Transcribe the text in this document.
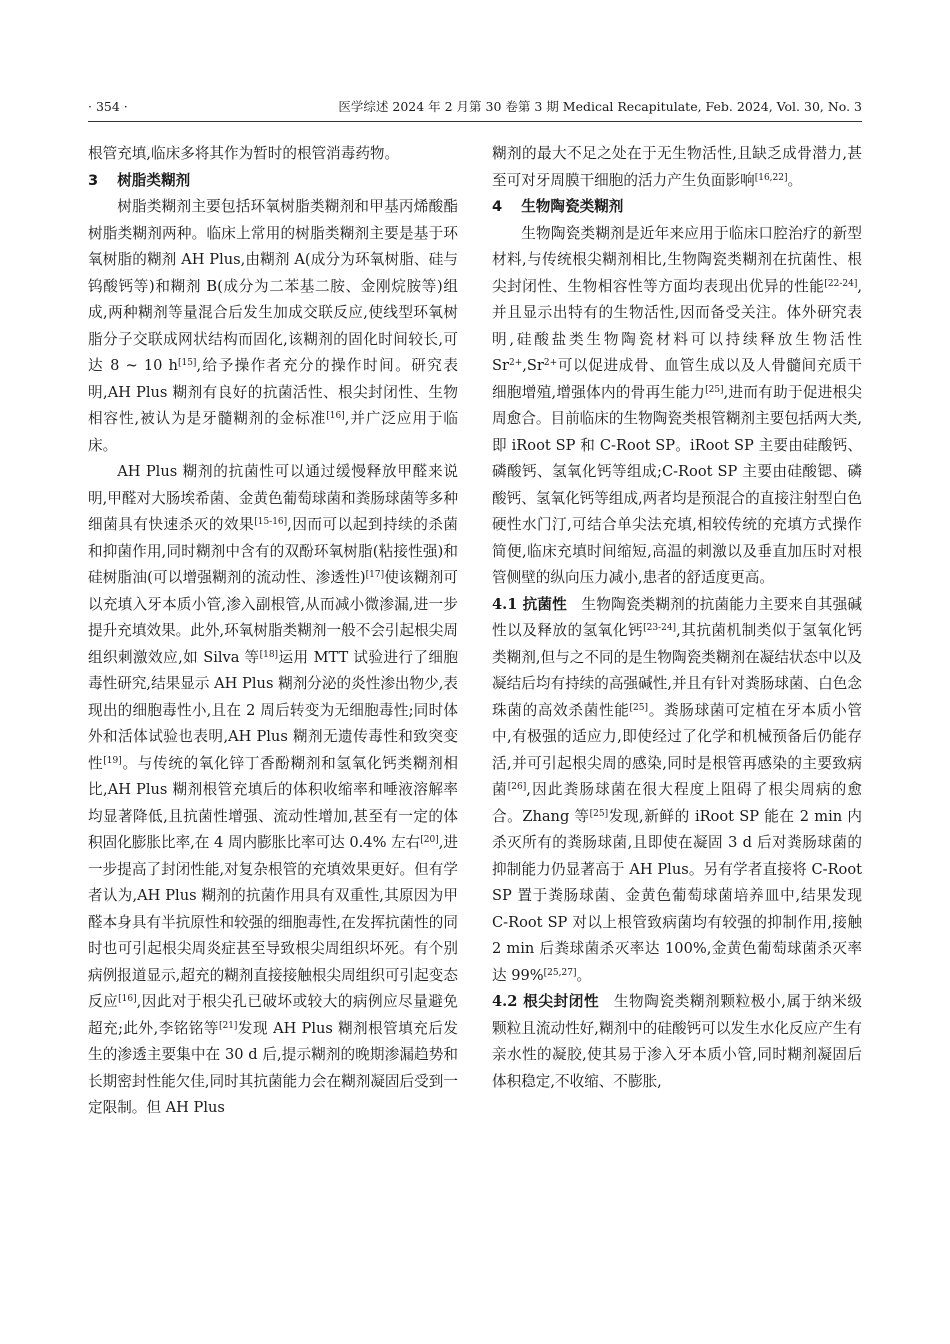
· 354 ·	医学综述 2024 年 2 月第 30 卷第 3 期 Medical Recapitulate, Feb. 2024, Vol. 30, No. 3

根管充填,临床多将其作为暂时的根管消毒药物。

3 树脂类糊剂

树脂类糊剂主要包括环氧树脂类糊剂和甲基丙烯酸酯树脂类糊剂两种。临床上常用的树脂类糊剂主要是基于环氧树脂的糊剂 AH Plus,由糊剂 A(成分为环氧树脂、硅与钨酸钙等)和糊剂 B(成分为二苯基二胺、金刚烷胺等)组成,两种糊剂等量混合后发生加成交联反应,使线型环氧树脂分子交联成网状结构而固化,该糊剂的固化时间较长,可达 8 ~ 10 h[15],给予操作者充分的操作时间。研究表明,AH Plus 糊剂有良好的抗菌活性、根尖封闭性、生物相容性,被认为是牙髓糊剂的金标准[16],并广泛应用于临床。

AH Plus 糊剂的抗菌性可以通过缓慢释放甲醛来说明,甲醛对大肠埃希菌、金黄色葡萄球菌和粪肠球菌等多种细菌具有快速杀灭的效果[15-16],因而可以起到持续的杀菌和抑菌作用,同时糊剂中含有的双酚环氧树脂(粘接性强)和硅树脂油(可以增强糊剂的流动性、渗透性)[17]使该糊剂可以充填入牙本质小管,渗入副根管,从而减小微渗漏,进一步提升充填效果。此外,环氧树脂类糊剂一般不会引起根尖周组织刺激效应,如 Silva 等[18]运用 MTT 试验进行了细胞毒性研究,结果显示 AH Plus 糊剂分泌的炎性渗出物少,表现出的细胞毒性小,且在 2 周后转变为无细胞毒性;同时体外和活体试验也表明,AH Plus 糊剂无遗传毒性和致突变性[19]。与传统的氧化锌丁香酚糊剂和氢氧化钙类糊剂相比,AH Plus 糊剂根管充填后的体积收缩率和唾液溶解率均显著降低,且抗菌性增强、流动性增加,甚至有一定的体积固化膨胀比率,在 4 周内膨胀比率可达 0.4% 左右[20],进一步提高了封闭性能,对复杂根管的充填效果更好。但有学者认为,AH Plus 糊剂的抗菌作用具有双重性,其原因为甲醛本身具有半抗原性和较强的细胞毒性,在发挥抗菌性的同时也可引起根尖周炎症甚至导致根尖周组织坏死。有个别病例报道显示,超充的糊剂直接接触根尖周组织可引起变态反应[16],因此对于根尖孔已破坏或较大的病例应尽量避免超充;此外,李铭铭等[21]发现 AH Plus 糊剂根管填充后发生的渗透主要集中在 30 d 后,提示糊剂的晚期渗漏趋势和长期密封性能欠佳,同时其抗菌能力会在糊剂凝固后受到一定限制。但 AH Plus

糊剂的最大不足之处在于无生物活性,且缺乏成骨潜力,甚至可对牙周膜干细胞的活力产生负面影响[16,22]。

4 生物陶瓷类糊剂

生物陶瓷类糊剂是近年来应用于临床口腔治疗的新型材料,与传统根尖糊剂相比,生物陶瓷类糊剂在抗菌性、根尖封闭性、生物相容性等方面均表现出优异的性能[22-24],并且显示出特有的生物活性,因而备受关注。体外研究表明,硅酸盐类生物陶瓷材料可以持续释放生物活性 $Sr^{2+},Sr^{2+}$可以促进成骨、血管生成以及人骨髓间充质干细胞增殖,增强体内的骨再生能力[25],进而有助于促进根尖周愈合。目前临床的生物陶瓷类根管糊剂主要包括两大类,即 iRoot SP 和 C-Root SP。iRoot SP 主要由硅酸钙、磷酸钙、氢氧化钙等组成;C-Root SP 主要由硅酸锶、磷酸钙、氢氧化钙等组成,两者均是预混合的直接注射型白色硬性水门汀,可结合单尖法充填,相较传统的充填方式操作简便,临床充填时间缩短,高温的刺激以及垂直加压时对根管侧壁的纵向压力减小,患者的舒适度更高。

4.1 抗菌性 生物陶瓷类糊剂的抗菌能力主要来自其强碱性以及释放的氢氧化钙[23-24],其抗菌机制类似于氢氧化钙类糊剂,但与之不同的是生物陶瓷类糊剂在凝结状态中以及凝结后均有持续的高强碱性,并且有针对粪肠球菌、白色念珠菌的高效杀菌性能[25]。粪肠球菌可定植在牙本质小管中,有极强的适应力,即使经过了化学和机械预备后仍能存活,并可引起根尖周的感染,同时是根管再感染的主要致病菌[26],因此粪肠球菌在很大程度上阻碍了根尖周病的愈合。Zhang 等[25]发现,新鲜的 iRoot SP 能在 2 min 内杀灭所有的粪肠球菌,且即使在凝固 3 d 后对粪肠球菌的抑制能力仍显著高于 AH Plus。另有学者直接将 C-Root SP 置于粪肠球菌、金黄色葡萄球菌培养皿中,结果发现 C-Root SP 对以上根管致病菌均有较强的抑制作用,接触 2 min 后粪球菌杀灭率达 100%,金黄色葡萄球菌杀灭率达 99%[25,27]。

4.2 根尖封闭性 生物陶瓷类糊剂颗粒极小,属于纳米级颗粒且流动性好,糊剂中的硅酸钙可以发生水化反应产生有亲水性的凝胶,使其易于渗入牙本质小管,同时糊剂凝固后体积稳定,不收缩、不膨胀,
